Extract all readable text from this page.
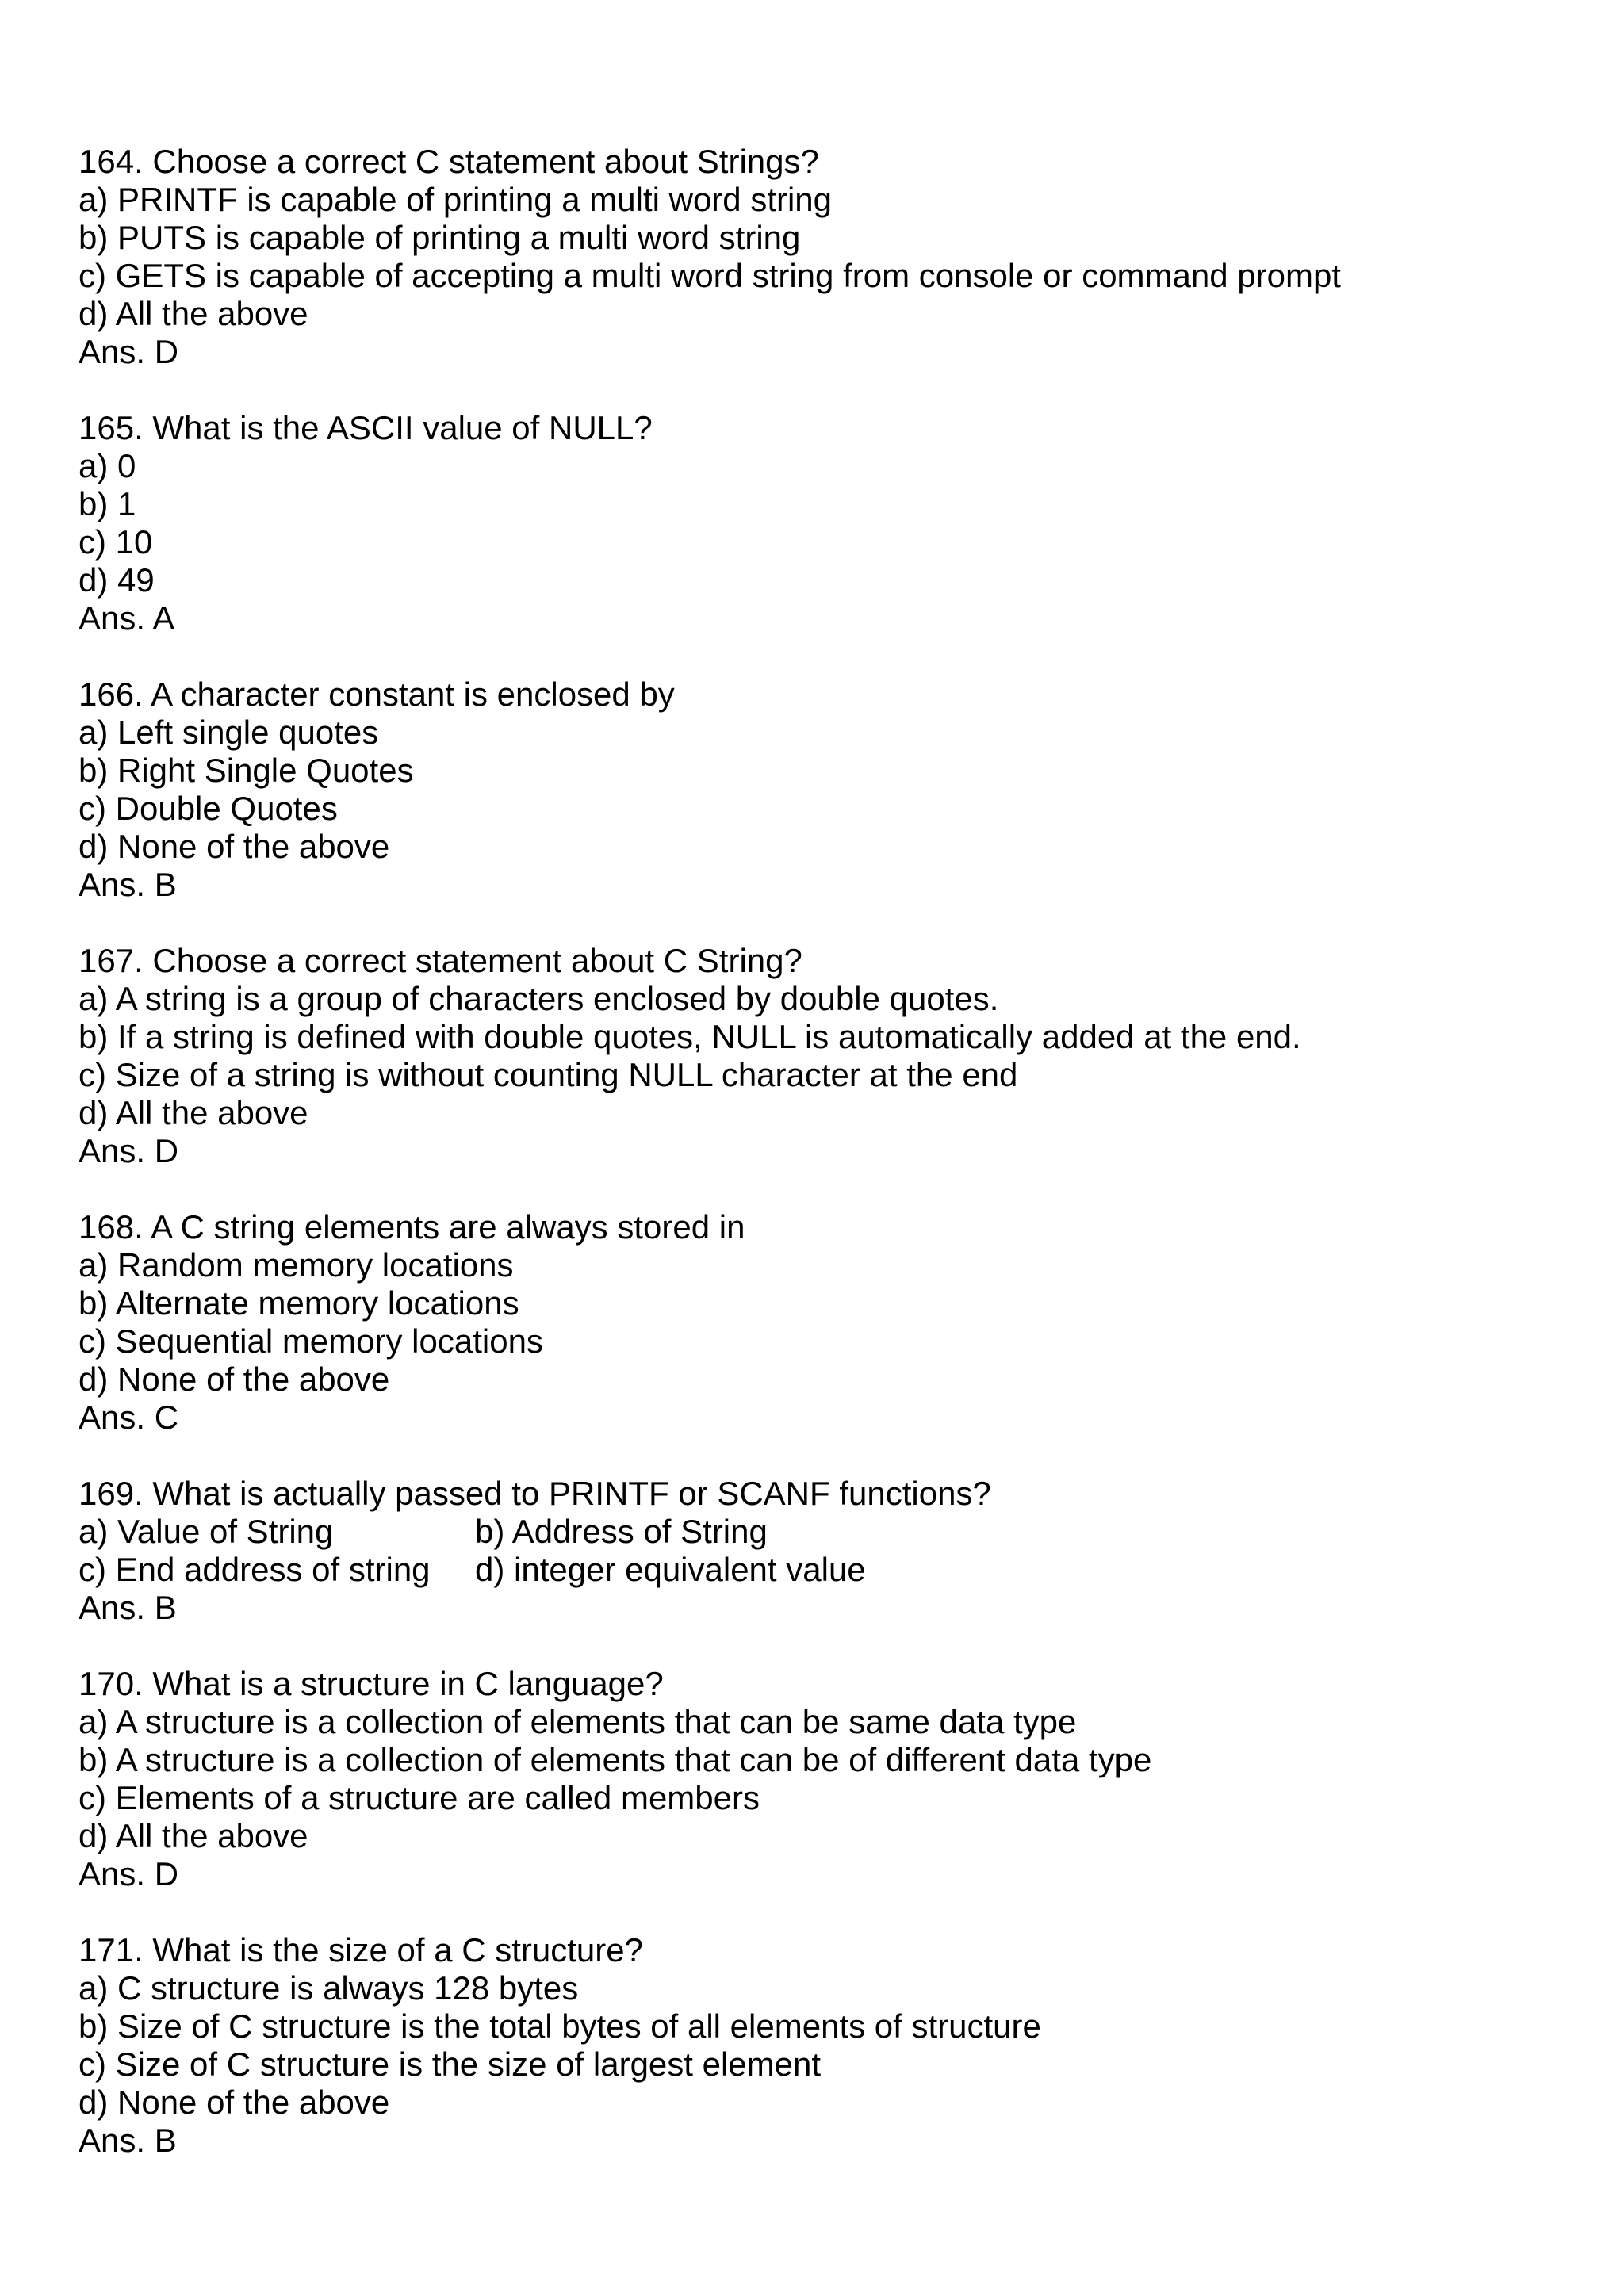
164. Choose a correct C statement about Strings?
a) PRINTF is capable of printing a multi word string
b) PUTS is capable of printing a multi word string
c) GETS is capable of accepting a multi word string from console or command prompt
d) All the above
Ans. D
165. What is the ASCII value of NULL?
a) 0
b) 1
c) 10
d) 49
Ans. A
166. A character constant is enclosed by
a) Left single quotes
b) Right Single Quotes
c) Double Quotes
d) None of the above
Ans. B
167. Choose a correct statement about C String?
a) A string is a group of characters enclosed by double quotes.
b) If a string is defined with double quotes, NULL is automatically added at the end.
c) Size of a string is without counting NULL character at the end
d) All the above
Ans. D
168. A C string elements are always stored in
a) Random memory locations
b) Alternate memory locations
c) Sequential memory locations
d) None of the above
Ans. C
169. What is actually passed to PRINTF or SCANF functions?
a) Value of String	b) Address of String
c) End address of string	d) integer equivalent value
Ans. B
170. What is a structure in C language?
a) A structure is a collection of elements that can be same data type
b) A structure is a collection of elements that can be of different data type
c) Elements of a structure are called members
d) All the above
Ans. D
171. What is the size of a C structure?
a) C structure is always 128 bytes
b) Size of C structure is the total bytes of all elements of structure
c) Size of C structure is the size of largest element
d) None of the above
Ans. B
